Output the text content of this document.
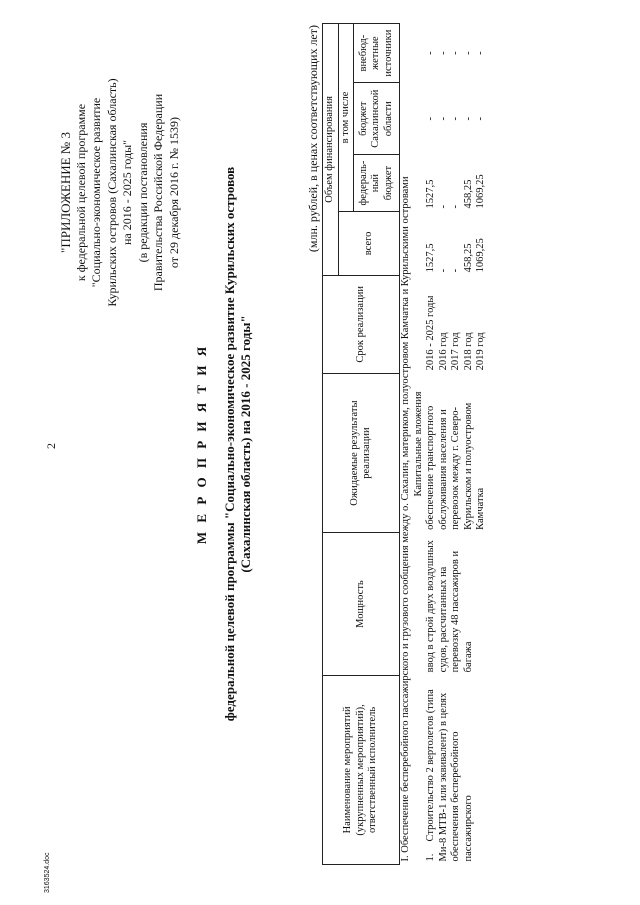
2
3163524.doc
"ПРИЛОЖЕНИЕ № 3 к федеральной целевой программе "Социально-экономическое развитие Курильских островов (Сахалинская область) на 2016 - 2025 годы" (в редакции постановления Правительства Российской Федерации от 29 декабря 2016 г. № 1539)
М Е Р О П Р И Я Т И Я федеральной целевой программы "Социально-экономическое развитие Курильских островов (Сахалинская область) на 2016 - 2025 годы"
(млн. рублей, в ценах соответствующих лет)
Наименование мероприятий (укрупненных мероприятий), ответственный исполнитель	Мощность	Ожидаемые результаты реализации	Срок реализации	Объем финансирования			
				всего	в том числе		
					федераль-ный бюджет	бюджет Сахалинской области	внебюд-жетные источники
I. Обеспечение бесперебойного пассажирского и грузового сообщения между о. Сахалин, материком, полуостровом Камчатка и Курильскими островами							
Капитальные вложения							
1.Строительство 2 вертолетов (типа Ми-8 МТВ-1 или эквивалент) в целях обеспечения бесперебойного пассажирского	ввод в строй двух воздушных судов, рассчитанных на перевозку 48 пассажиров и багажа	обеспечение транспортного обслуживания населения и перевозок между г. Северо-Курильском и полуостровом Камчатка	2016 - 2025 годы	1527,5	1527,5	-	-
			2016 год	-	-	-	-
			2017 год	-	-	-	-
			2018 год	458,25	458,25	-	-
			2019 год	1069,25	1069,25	-	-
